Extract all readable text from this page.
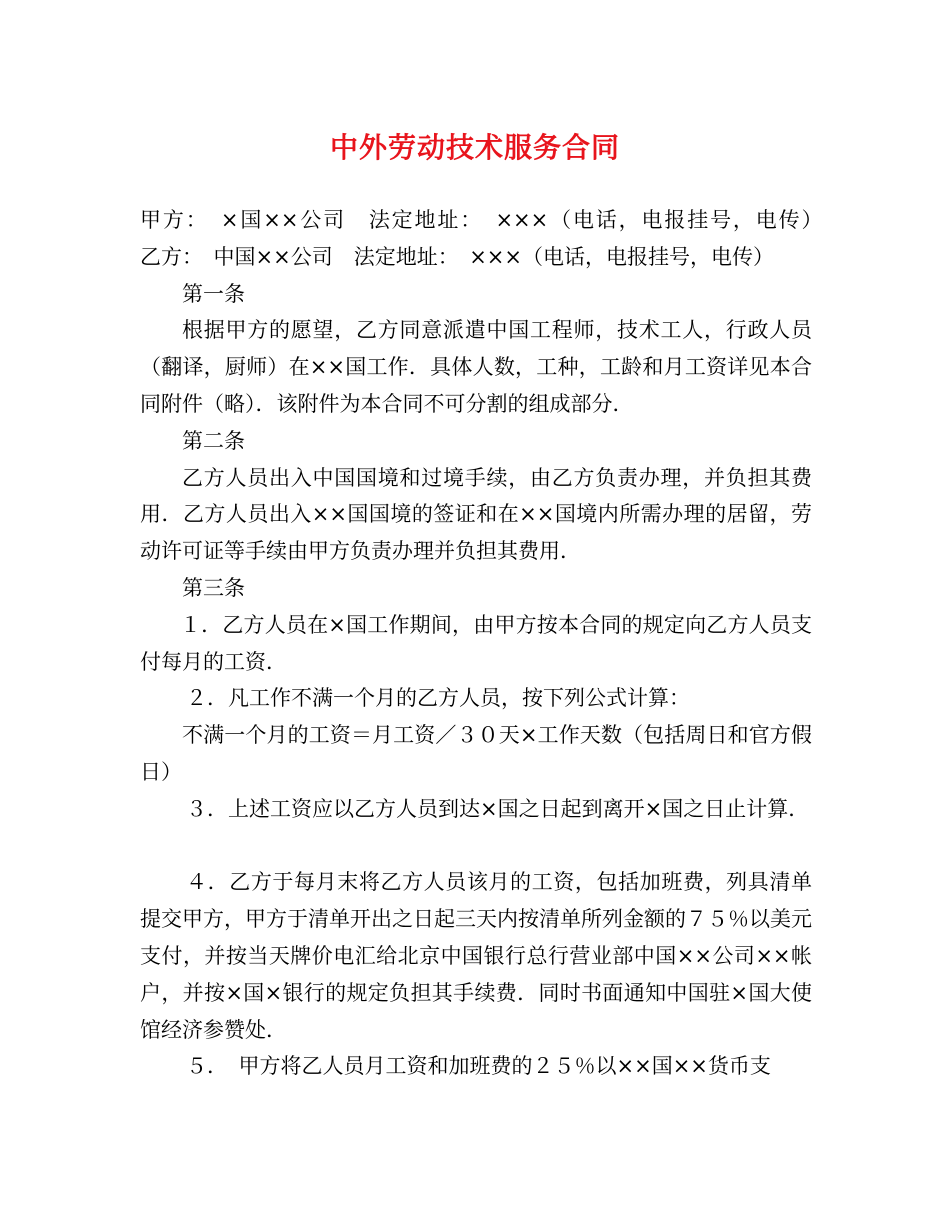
中外劳动技术服务合同

甲方：　×国××公司　法定地址：　×××（电话，电报挂号，电传）　　乙方：　中国××公司　法定地址：　×××（电话，电报挂号，电传）

第一条

根据甲方的愿望，乙方同意派遣中国工程师，技术工人，行政人员（翻译，厨师）在××国工作．具体人数，工种，工龄和月工资详见本合同附件（略）．该附件为本合同不可分割的组成部分．

第二条

乙方人员出入中国国境和过境手续，由乙方负责办理，并负担其费用．乙方人员出入××国国境的签证和在××国境内所需办理的居留，劳动许可证等手续由甲方负责办理并负担其费用．

第三条

１．乙方人员在×国工作期间，由甲方按本合同的规定向乙方人员支付每月的工资．

２．凡工作不满一个月的乙方人员，按下列公式计算：

不满一个月的工资＝月工资／３０天×工作天数（包括周日和官方假日）

３．上述工资应以乙方人员到达×国之日起到离开×国之日止计算．

４．乙方于每月末将乙方人员该月的工资，包括加班费，列具清单提交甲方，甲方于清单开出之日起三天内按清单所列金额的７５％以美元支付，并按当天牌价电汇给北京中国银行总行营业部中国××公司××帐户，并按×国×银行的规定负担其手续费．同时书面通知中国驻×国大使馆经济参赞处．

５．　甲方将乙人员月工资和加班费的２５％以××国××货币支
